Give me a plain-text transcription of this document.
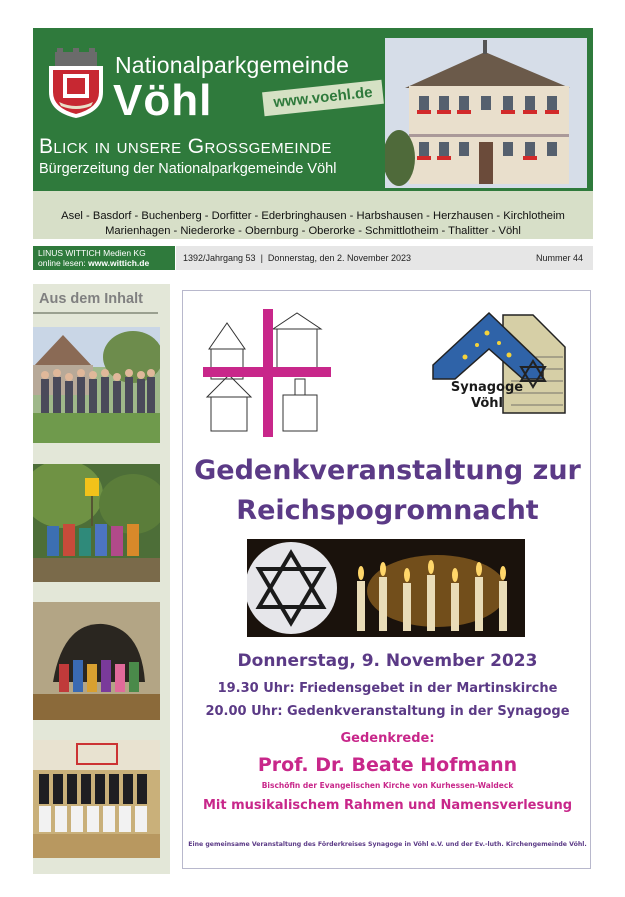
Nationalparkgemeinde
Vöhl	www.voehl.de
Blick in unsere Grossgemeinde
Bürgerzeitung der Nationalparkgemeinde Vöhl
Asel - Basdorf - Buchenberg - Dorfitter - Ederbringhausen - Harbshausen - Herzhausen - Kirchlotheim
Marienhagen - Niederorke - Obernburg - Oberorke - Schmittlotheim - Thalitter - Vöhl
LINUS WITTICH Medien KG
online lesen: www.wittich.de	1392/Jahrgang 53  |  Donnerstag, den 2. November 2023	Nummer 44
Aus dem Inhalt
Synagoge
Vöhl
Gedenkveranstaltung zur
Reichspogromnacht
Donnerstag, 9. November 2023
19.30 Uhr: Friedensgebet in der Martinskirche
20.00 Uhr: Gedenkveranstaltung in der Synagoge
Gedenkrede:
Prof. Dr. Beate Hofmann
Bischöfin der Evangelischen Kirche von Kurhessen-Waldeck
Mit musikalischem Rahmen und Namensverlesung
Eine gemeinsame Veranstaltung des Förderkreises Synagoge in Vöhl e.V. und der Ev.-luth. Kirchengemeinde Vöhl.
